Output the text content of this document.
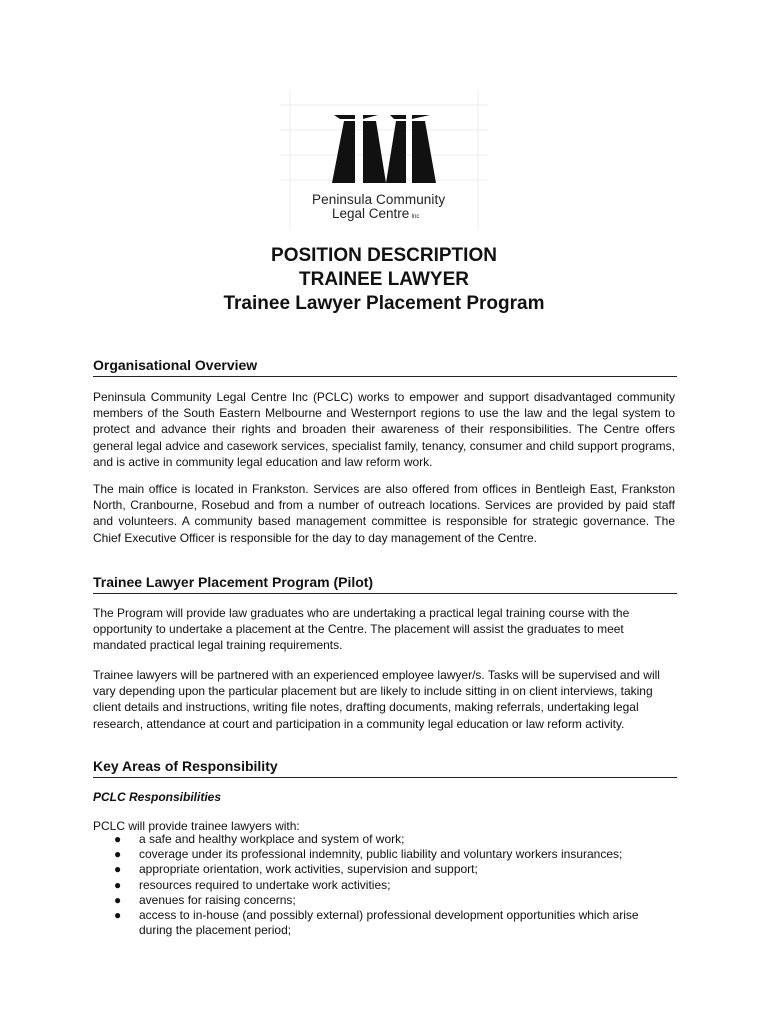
Peninsula Community
Legal Centre Inc
POSITION DESCRIPTION
TRAINEE LAWYER
Trainee Lawyer Placement Program
Organisational Overview
Peninsula Community Legal Centre Inc (PCLC) works to empower and support disadvantaged community members of the South Eastern Melbourne and Westernport regions to use the law and the legal system to protect and advance their rights and broaden their awareness of their responsibilities. The Centre offers general legal advice and casework services, specialist family, tenancy, consumer and child support programs, and is active in community legal education and law reform work.
The main office is located in Frankston. Services are also offered from offices in Bentleigh East, Frankston North, Cranbourne, Rosebud and from a number of outreach locations. Services are provided by paid staff and volunteers. A community based management committee is responsible for strategic governance. The Chief Executive Officer is responsible for the day to day management of the Centre.
Trainee Lawyer Placement Program (Pilot)
The Program will provide law graduates who are undertaking a practical legal training course with the opportunity to undertake a placement at the Centre. The placement will assist the graduates to meet mandated practical legal training requirements.
Trainee lawyers will be partnered with an experienced employee lawyer/s. Tasks will be supervised and will vary depending upon the particular placement but are likely to include sitting in on client interviews, taking client details and instructions, writing file notes, drafting documents, making referrals, undertaking legal research, attendance at court and participation in a community legal education or law reform activity.
Key Areas of Responsibility
PCLC Responsibilities
PCLC will provide trainee lawyers with:
● a safe and healthy workplace and system of work;
● coverage under its professional indemnity, public liability and voluntary workers insurances;
● appropriate orientation, work activities, supervision and support;
● resources required to undertake work activities;
● avenues for raising concerns;
● access to in-house (and possibly external) professional development opportunities which arise during the placement period;
